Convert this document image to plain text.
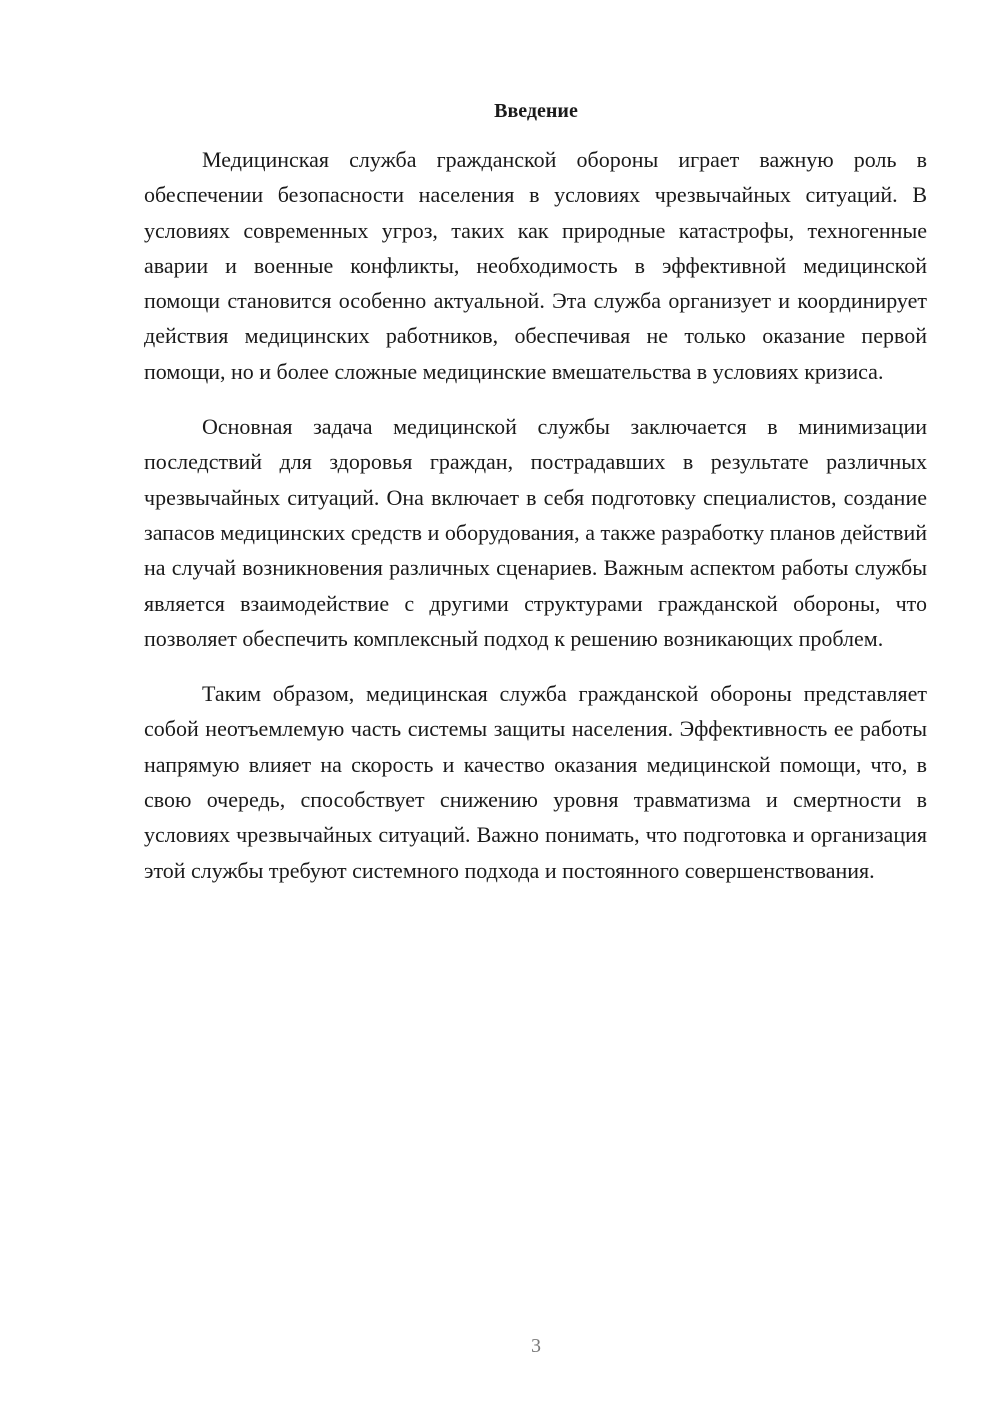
Введение

Медицинская служба гражданской обороны играет важную роль в обеспечении безопасности населения в условиях чрезвычайных ситуаций. В условиях современных угроз, таких как природные катастрофы, техногенные аварии и военные конфликты, необходимость в эффективной медицинской помощи становится особенно актуальной. Эта служба организует и координирует действия медицинских работников, обеспечивая не только оказание первой помощи, но и более сложные медицинские вмешательства в условиях кризиса.

Основная задача медицинской службы заключается в минимизации последствий для здоровья граждан, пострадавших в результате различных чрезвычайных ситуаций. Она включает в себя подготовку специалистов, создание запасов медицинских средств и оборудования, а также разработку планов действий на случай возникновения различных сценариев. Важным аспектом работы службы является взаимодействие с другими структурами гражданской обороны, что позволяет обеспечить комплексный подход к решению возникающих проблем.

Таким образом, медицинская служба гражданской обороны представляет собой неотъемлемую часть системы защиты населения. Эффективность ее работы напрямую влияет на скорость и качество оказания медицинской помощи, что, в свою очередь, способствует снижению уровня травматизма и смертности в условиях чрезвычайных ситуаций. Важно понимать, что подготовка и организация этой службы требуют системного подхода и постоянного совершенствования.

3
